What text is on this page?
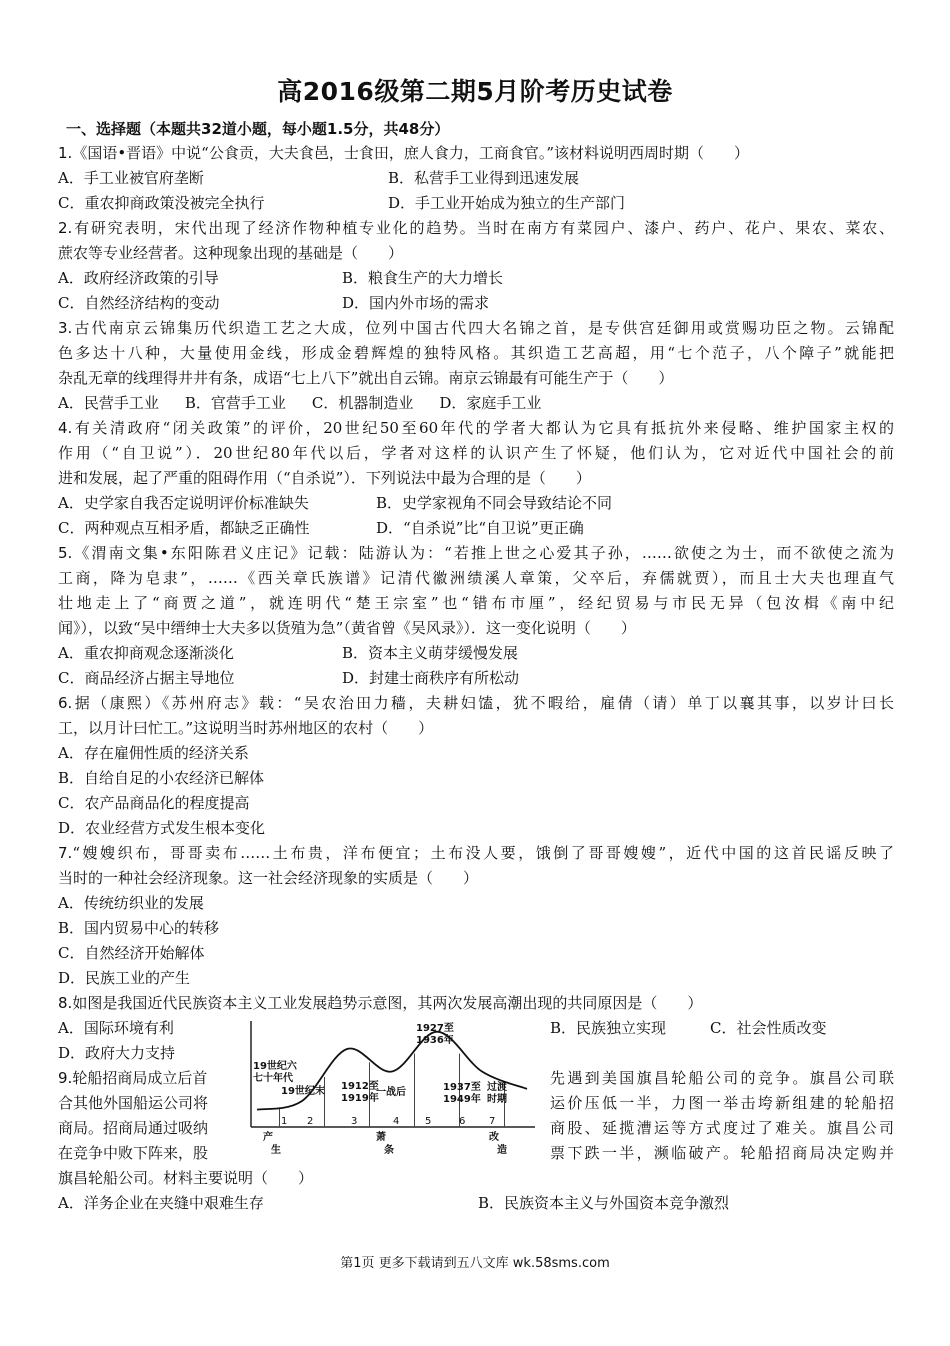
高2016级第二期5月阶考历史试卷
一、选择题（本题共32道小题，每小题1.5分，共48分）
1.《国语•晋语》中说“公食贡，大夫食邑，士食田，庶人食力，工商食官。”该材料说明西周时期（　　）
A．手工业被官府垄断	B．私营手工业得到迅速发展
C．重农抑商政策没被完全执行	D．手工业开始成为独立的生产部门
2.有研究表明，宋代出现了经济作物种植专业化的趋势。当时在南方有菜园户、漆户、药户、花户、果农、菜农、
蔗农等专业经营者。这种现象出现的基础是（　　）
A．政府经济政策的引导	B．粮食生产的大力增长
C．自然经济结构的变动	D．国内外市场的需求
3.古代南京云锦集历代织造工艺之大成，位列中国古代四大名锦之首，是专供宫廷御用或赏赐功臣之物。云锦配
色多达十八种，大量使用金线，形成金碧辉煌的独特风格。其织造工艺高超，用“七个范子，八个障子”就能把
杂乱无章的线理得井井有条，成语“七上八下”就出自云锦。南京云锦最有可能生产于（　　）
A．民营手工业 B．官营手工业 C．机器制造业 D．家庭手工业
4.有关清政府“闭关政策”的评价，20世纪50至60年代的学者大都认为它具有抵抗外来侵略、维护国家主权的
作用（“自卫说”）．20世纪80年代以后，学者对这样的认识产生了怀疑，他们认为，它对近代中国社会的前
进和发展，起了严重的阻碍作用（“自杀说”）．下列说法中最为合理的是（　　）
A．史学家自我否定说明评价标准缺失	B．史学家视角不同会导致结论不同
C．两种观点互相矛盾，都缺乏正确性	D．“自杀说”比“自卫说”更正确
5.《渭南文集•东阳陈君义庄记》记载：陆游认为：“若推上世之心爱其子孙，……欲使之为士，而不欲使之流为
工商，降为皂隶”，……《西关章氏族谱》记清代徽洲绩溪人章策，父卒后，弃儒就贾），而且士大夫也理直气
壮地走上了“商贾之道”，就连明代“楚王宗室”也“错布市厘”，经纪贸易与市民无异（包汝楫《南中纪
闻》），以致“吴中缙绅士大夫多以货殖为急”（黄省曾《吴风录》）．这一变化说明（　　）
A．重农抑商观念逐渐淡化	B．资本主义萌芽缓慢发展
C．商品经济占据主导地位	D．封建士商秩序有所松动
6.据（康熙）《苏州府志》载：“吴农治田力穑，夫耕妇馌，犹不暇给，雇倩（请）单丁以襄其事，以岁计曰长
工，以月计曰忙工。”这说明当时苏州地区的农村（　　）
A．存在雇佣性质的经济关系
B．自给自足的小农经济已解体
C．农产品商品化的程度提高
D．农业经营方式发生根本变化
7.“嫂嫂织布，哥哥卖布……土布贵，洋布便宜；土布没人要，饿倒了哥哥嫂嫂”，近代中国的这首民谣反映了
当时的一种社会经济现象。这一社会经济现象的实质是（　　）
A．传统纺织业的发展
B．国内贸易中心的转移
C．自然经济开始解体
D．民族工业的产生
8.如图是我国近代民族资本主义工业发展趋势示意图，其两次发展高潮出现的共同原因是（　　）
A．国际环境有利	B．民族独立实现	C．社会性质改变
D．政府大力支持
9.轮船招商局成立后首	先遇到美国旗昌轮船公司的竞争。旗昌公司联
合其他外国船运公司将	运价压低一半，力图一举击垮新组建的轮船招
商局。招商局通过吸纳	商股、延揽漕运等方式度过了难关。旗昌公司
在竞争中败下阵来，股	票下跌一半，濒临破产。轮船招商局决定购并
旗昌轮船公司。材料主要说明（　　）
A．洋务企业在夹缝中艰难生存	B．民族资本主义与外国资本竞争激烈
19世纪六
七十年代
19世纪末 1912至
1919年
一战后
1927至
1936年
1937至
1949年
过渡
时期
1 2	3	4	5	6 7
产
生
萧
条
改
造
第1页 更多下载请到五八文库 wk.58sms.com
